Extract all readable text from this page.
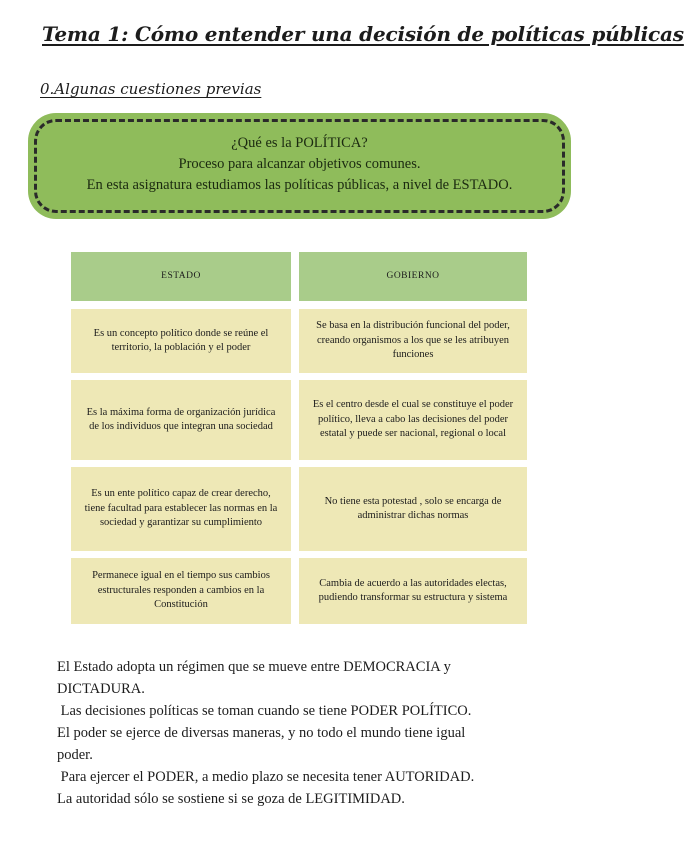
Tema 1: Cómo entender una decisión de políticas públicas
0.Algunas cuestiones previas
¿Qué es la POLÍTICA?
Proceso para alcanzar objetivos comunes.
En esta asignatura estudiamos las políticas públicas, a nivel de ESTADO.
ESTADO	GOBIERNO
Es un concepto político donde se reúne el territorio, la población y el poder
Se basa en la distribución funcional del poder, creando organismos a los que se les atribuyen funciones
Es la máxima forma de organización jurídica de los individuos que integran una sociedad
Es el centro desde el cual se constituye el poder político, lleva a cabo las decisiones del poder estatal y puede ser nacional, regional o local
Es un ente político capaz de crear derecho, tiene facultad para establecer las normas en la sociedad y garantizar su cumplimiento
No tiene esta potestad , solo se encarga de administrar dichas normas
Permanece igual en el tiempo sus cambios estructurales responden a cambios en la Constitución
Cambia de acuerdo a las autoridades electas, pudiendo transformar su estructura y sistema
El Estado adopta un régimen que se mueve entre DEMOCRACIA y
DICTADURA.
Las decisiones políticas se toman cuando se tiene PODER POLÍTICO.
El poder se ejerce de diversas maneras, y no todo el mundo tiene igual
poder.
Para ejercer el PODER, a medio plazo se necesita tener AUTORIDAD.
La autoridad sólo se sostiene si se goza de LEGITIMIDAD.
